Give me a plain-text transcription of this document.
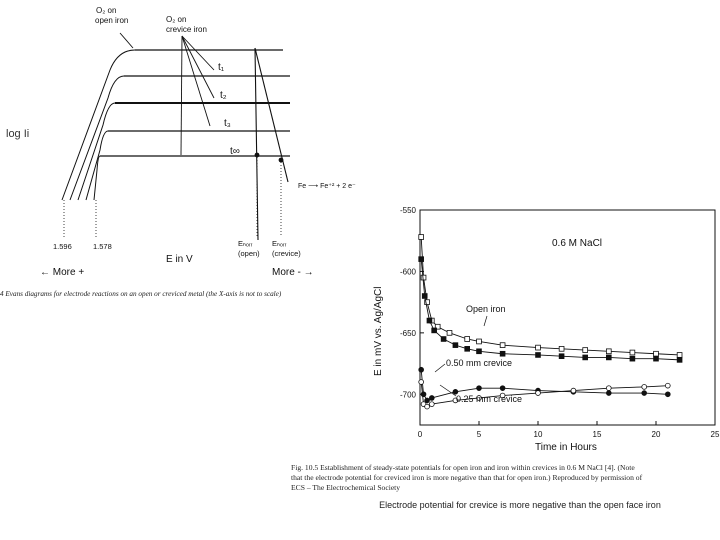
log Ii
O₂ on
open iron	O₂ on
crevice iron
t₁
t₂
t₃
t∞
Fe ⟶ Fe⁺² + 2 e⁻
1.596	1.578	Eₕₒᵣᵣ
(open)
Eₕₒᵣᵣ
(crevice)
E in V
← More +	More - →
4 Evans diagrams for electrode reactions on an open or creviced metal (the X-axis is not to scale)
0	5	10	15	20	25
-550
-600
-650
-700
0.6 M NaCl
Time in Hours
E in mV vs. Ag/AgCl	Open iron
0.50 mm crevice
0.25 mm crevice
Fig. 10.5 Establishment of steady-state potentials for open iron and iron within crevices in 0.6 M NaCl [4]. (Note
that the electrode potential for creviced iron is more negative than that for open iron.) Reproduced by permission of
ECS – The Electrochemical Society
Electrode potential for crevice is more negative than the open face iron
